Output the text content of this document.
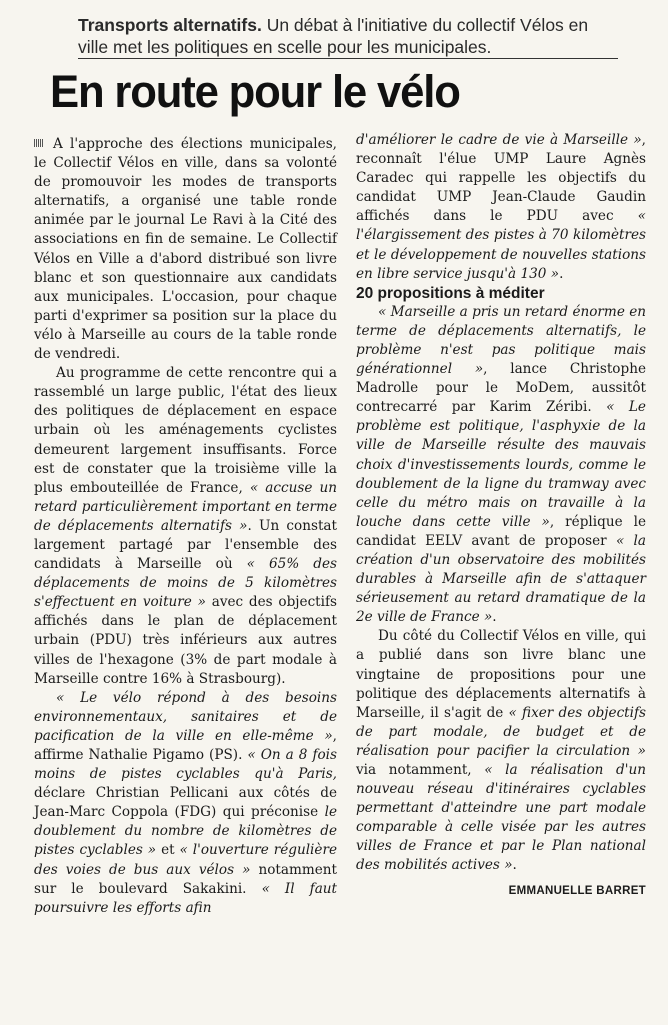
Transports alternatifs. Un débat à l'initiative du collectif Vélos en ville met les politiques en scelle pour les municipales.
En route pour le vélo

A l'approche des élections municipales, le Collectif Vélos en ville, dans sa volonté de promouvoir les modes de transports alternatifs, a organisé une table ronde animée par le journal Le Ravi à la Cité des associations en fin de semaine. Le Collectif Vélos en Ville a d'abord distribué son livre blanc et son questionnaire aux candidats aux municipales. L'occasion, pour chaque parti d'exprimer sa position sur la place du vélo à Marseille au cours de la table ronde de vendredi.

Au programme de cette rencontre qui a rassemblé un large public, l'état des lieux des politiques de déplacement en espace urbain où les aménagements cyclistes demeurent largement insuffisants. Force est de constater que la troisième ville la plus embouteillée de France, « accuse un retard particulièrement important en terme de déplacements alternatifs ». Un constat largement partagé par l'ensemble des candidats à Marseille où « 65% des déplacements de moins de 5 kilomètres s'effectuent en voiture » avec des objectifs affichés dans le plan de déplacement urbain (PDU) très inférieurs aux autres villes de l'hexagone (3% de part modale à Marseille contre 16% à Strasbourg).

« Le vélo répond à des besoins environnementaux, sanitaires et de pacification de la ville en elle-même », affirme Nathalie Pigamo (PS). « On a 8 fois moins de pistes cyclables qu'à Paris, déclare Christian Pellicani aux côtés de Jean-Marc Coppola (FDG) qui préconise le doublement du nombre de kilomètres de pistes cyclables » et « l'ouverture régulière des voies de bus aux vélos » notamment sur le boulevard Sakakini. « Il faut poursuivre les efforts afin

d'améliorer le cadre de vie à Marseille », reconnaît l'élue UMP Laure Agnès Caradec qui rappelle les objectifs du candidat UMP Jean-Claude Gaudin affichés dans le PDU avec « l'élargissement des pistes à 70 kilomètres et le développement de nouvelles stations en libre service jusqu'à 130 ».

20 propositions à méditer

« Marseille a pris un retard énorme en terme de déplacements alternatifs, le problème n'est pas politique mais générationnel », lance Christophe Madrolle pour le MoDem, aussitôt contrecarré par Karim Zéribi. « Le problème est politique, l'asphyxie de la ville de Marseille résulte des mauvais choix d'investissements lourds, comme le doublement de la ligne du tramway avec celle du métro mais on travaille à la louche dans cette ville », réplique le candidat EELV avant de proposer « la création d'un observatoire des mobilités durables à Marseille afin de s'attaquer sérieusement au retard dramatique de la 2e ville de France ».

Du côté du Collectif Vélos en ville, qui a publié dans son livre blanc une vingtaine de propositions pour une politique des déplacements alternatifs à Marseille, il s'agit de « fixer des objectifs de part modale, de budget et de réalisation pour pacifier la circulation » via notamment, « la réalisation d'un nouveau réseau d'itinéraires cyclables permettant d'atteindre une part modale comparable à celle visée par les autres villes de France et par le Plan national des mobilités actives ».

EMMANUELLE BARRET
